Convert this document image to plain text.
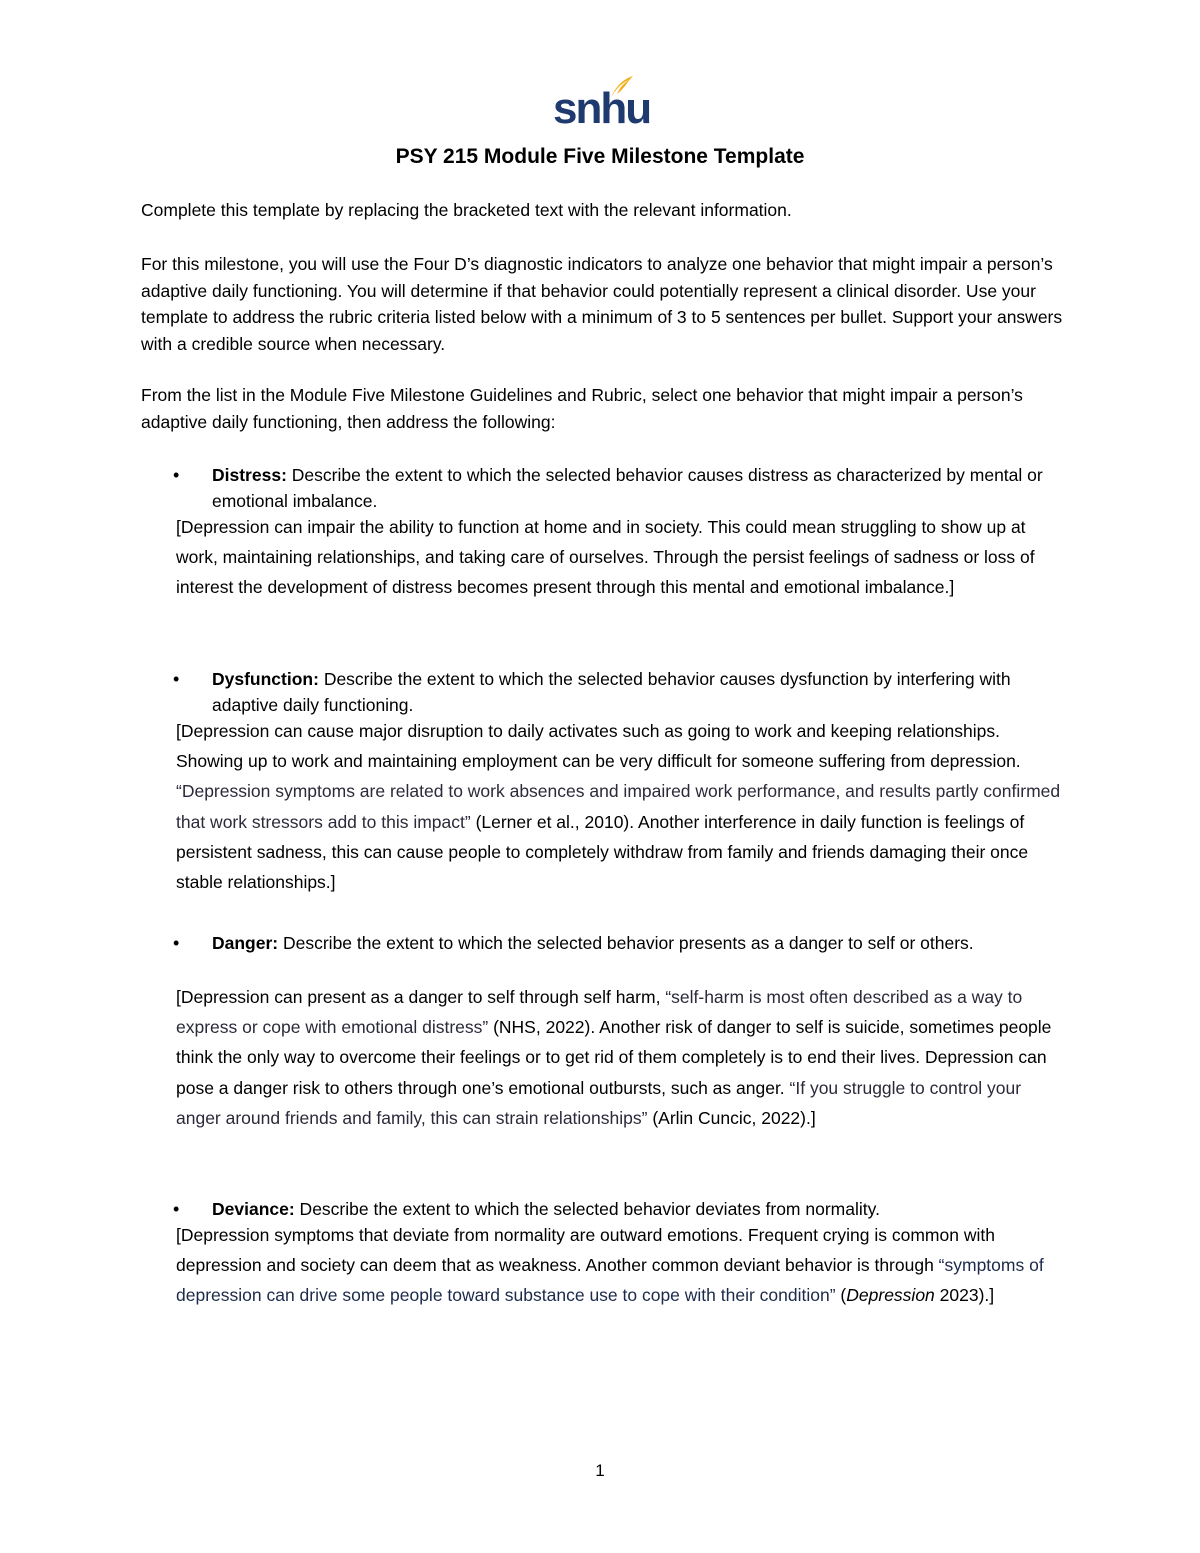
snhu
PSY 215 Module Five Milestone Template

Complete this template by replacing the bracketed text with the relevant information.

For this milestone, you will use the Four D’s diagnostic indicators to analyze one behavior that might impair a person’s adaptive daily functioning. You will determine if that behavior could potentially represent a clinical disorder. Use your template to address the rubric criteria listed below with a minimum of 3 to 5 sentences per bullet. Support your answers with a credible source when necessary.

From the list in the Module Five Milestone Guidelines and Rubric, select one behavior that might impair a person’s adaptive daily functioning, then address the following:

• Distress: Describe the extent to which the selected behavior causes distress as characterized by mental or emotional imbalance.

[Depression can impair the ability to function at home and in society. This could mean struggling to show up at work, maintaining relationships, and taking care of ourselves. Through the persist feelings of sadness or loss of interest the development of distress becomes present through this mental and emotional imbalance.]

• Dysfunction: Describe the extent to which the selected behavior causes dysfunction by interfering with adaptive daily functioning.

[Depression can cause major disruption to daily activates such as going to work and keeping relationships. Showing up to work and maintaining employment can be very difficult for someone suffering from depression. “Depression symptoms are related to work absences and impaired work performance, and results partly confirmed that work stressors add to this impact” (Lerner et al., 2010). Another interference in daily function is feelings of persistent sadness, this can cause people to completely withdraw from family and friends damaging their once stable relationships.]

• Danger: Describe the extent to which the selected behavior presents as a danger to self or others.

[Depression can present as a danger to self through self harm, “self-harm is most often described as a way to express or cope with emotional distress” (NHS, 2022). Another risk of danger to self is suicide, sometimes people think the only way to overcome their feelings or to get rid of them completely is to end their lives. Depression can pose a danger risk to others through one’s emotional outbursts, such as anger. “If you struggle to control your anger around friends and family, this can strain relationships” (Arlin Cuncic, 2022).]

• Deviance: Describe the extent to which the selected behavior deviates from normality.

[Depression symptoms that deviate from normality are outward emotions. Frequent crying is common with depression and society can deem that as weakness. Another common deviant behavior is through “symptoms of depression can drive some people toward substance use to cope with their condition” (Depression 2023).]

1
